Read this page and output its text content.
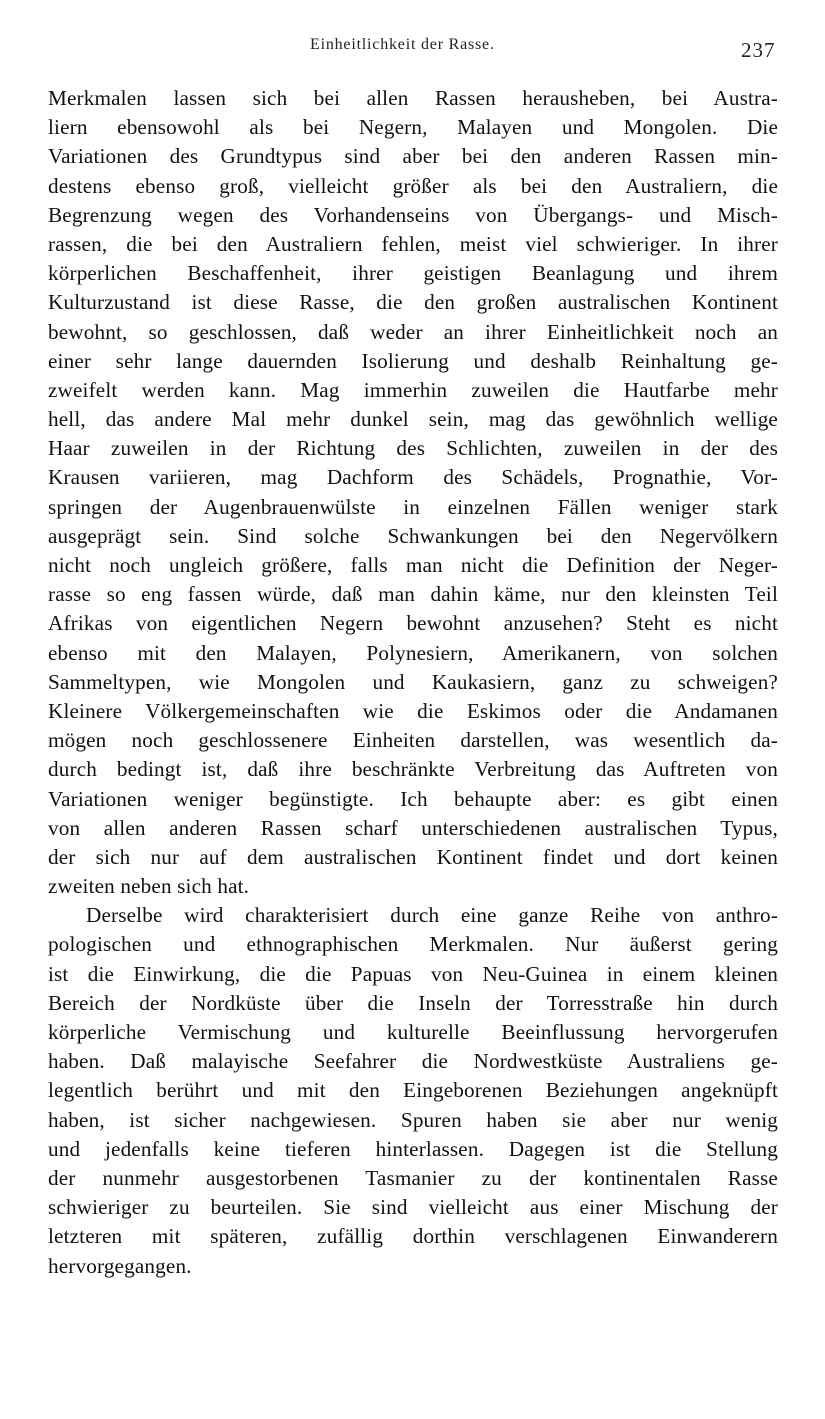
Einheitlichkeit der Rasse.	237
Merkmalen lassen sich bei allen Rassen herausheben, bei Austra-
liern ebensowohl als bei Negern, Malayen und Mongolen. Die
Variationen des Grundtypus sind aber bei den anderen Rassen min-
destens ebenso groß, vielleicht größer als bei den Australiern, die
Begrenzung wegen des Vorhandenseins von Übergangs- und Misch-
rassen, die bei den Australiern fehlen, meist viel schwieriger. In ihrer
körperlichen Beschaffenheit, ihrer geistigen Beanlagung und ihrem
Kulturzustand ist diese Rasse, die den großen australischen Kontinent
bewohnt, so geschlossen, daß weder an ihrer Einheitlichkeit noch an
einer sehr lange dauernden Isolierung und deshalb Reinhaltung ge-
zweifelt werden kann. Mag immerhin zuweilen die Hautfarbe mehr
hell, das andere Mal mehr dunkel sein, mag das gewöhnlich wellige
Haar zuweilen in der Richtung des Schlichten, zuweilen in der des
Krausen variieren, mag Dachform des Schädels, Prognathie, Vor-
springen der Augenbrauenwülste in einzelnen Fällen weniger stark
ausgeprägt sein. Sind solche Schwankungen bei den Negervölkern
nicht noch ungleich größere, falls man nicht die Definition der Neger-
rasse so eng fassen würde, daß man dahin käme, nur den kleinsten Teil
Afrikas von eigentlichen Negern bewohnt anzusehen? Steht es nicht
ebenso mit den Malayen, Polynesiern, Amerikanern, von solchen
Sammeltypen, wie Mongolen und Kaukasiern, ganz zu schweigen?
Kleinere Völkergemeinschaften wie die Eskimos oder die Andamanen
mögen noch geschlossenere Einheiten darstellen, was wesentlich da-
durch bedingt ist, daß ihre beschränkte Verbreitung das Auftreten von
Variationen weniger begünstigte. Ich behaupte aber: es gibt einen
von allen anderen Rassen scharf unterschiedenen australischen Typus,
der sich nur auf dem australischen Kontinent findet und dort keinen
zweiten neben sich hat.
Derselbe wird charakterisiert durch eine ganze Reihe von anthro-
pologischen und ethnographischen Merkmalen. Nur äußerst gering
ist die Einwirkung, die die Papuas von Neu-Guinea in einem kleinen
Bereich der Nordküste über die Inseln der Torresstraße hin durch
körperliche Vermischung und kulturelle Beeinflussung hervorgerufen
haben. Daß malayische Seefahrer die Nordwestküste Australiens ge-
legentlich berührt und mit den Eingeborenen Beziehungen angeknüpft
haben, ist sicher nachgewiesen. Spuren haben sie aber nur wenig
und jedenfalls keine tieferen hinterlassen. Dagegen ist die Stellung
der nunmehr ausgestorbenen Tasmanier zu der kontinentalen Rasse
schwieriger zu beurteilen. Sie sind vielleicht aus einer Mischung der
letzteren mit späteren, zufällig dorthin verschlagenen Einwanderern
hervorgegangen.
